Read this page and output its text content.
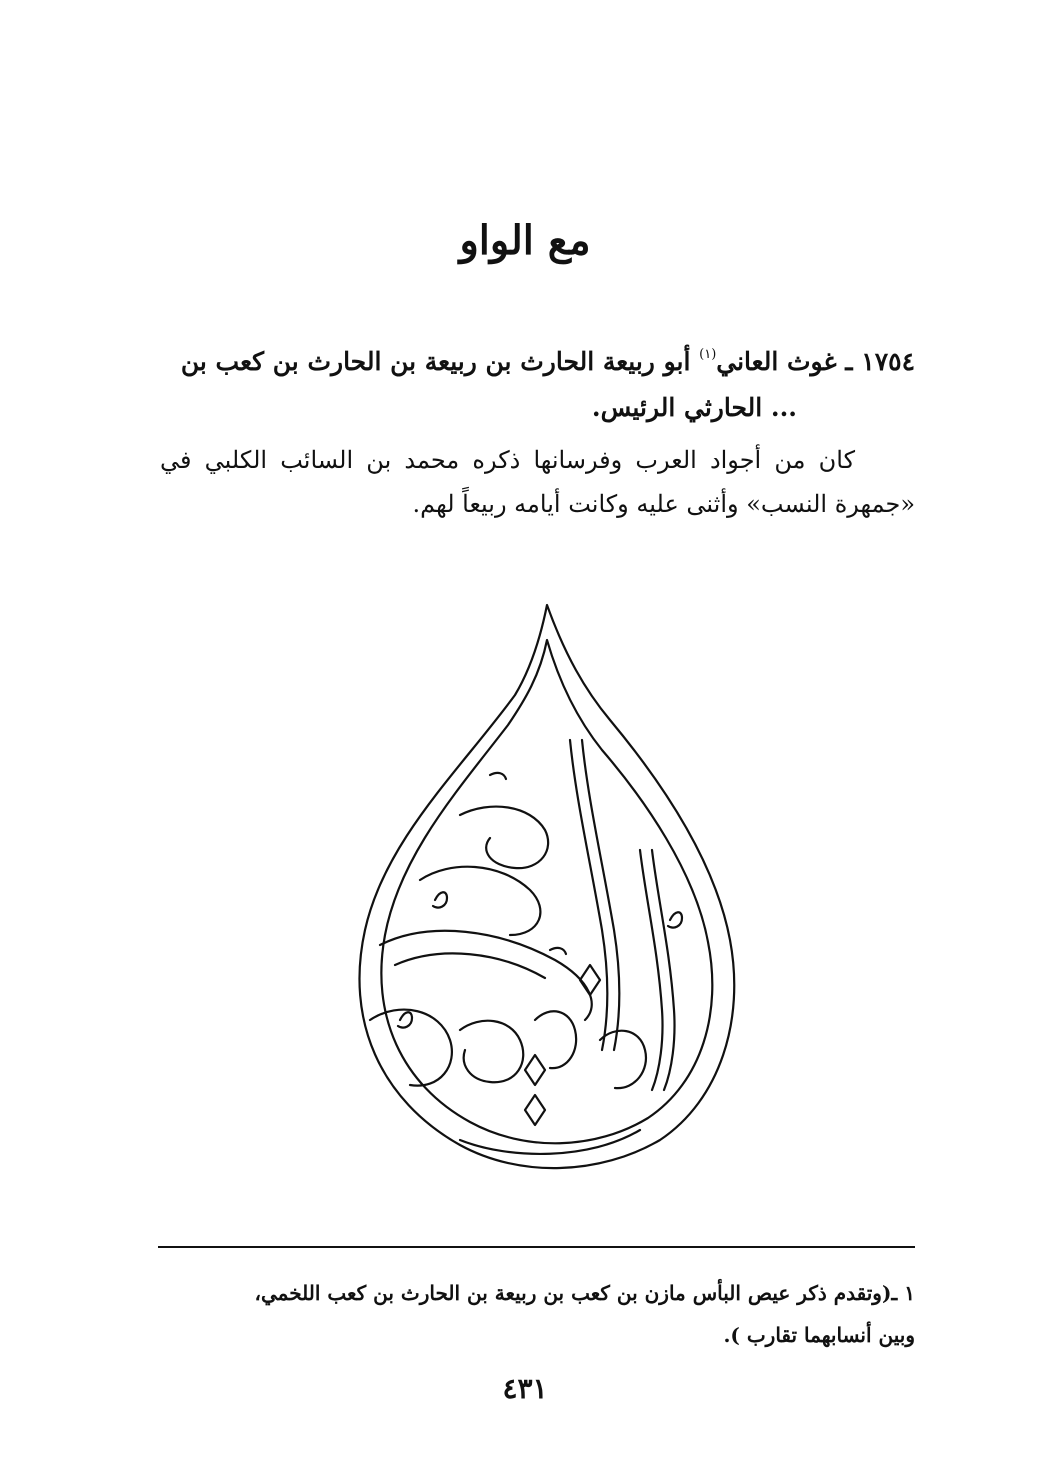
مع الواو
١٧٥٤ ـ غوث العاني$^{(١)}$ أبو ربيعة الحارث بن ربيعة بن الحارث بن كعب بن
... الحارثي الرئيس.
كان من أجواد العرب وفرسانها ذكره محمد بن السائب الكلبي في «جمهرة النسب» وأثنى عليه وكانت أيامه ربيعاً لهم.
١ ـ(وتقدم ذكر عيص البأس مازن بن كعب بن ربيعة بن الحارث بن كعب اللخمي،
وبين أنسابهما تقارب ).
٤٣١
